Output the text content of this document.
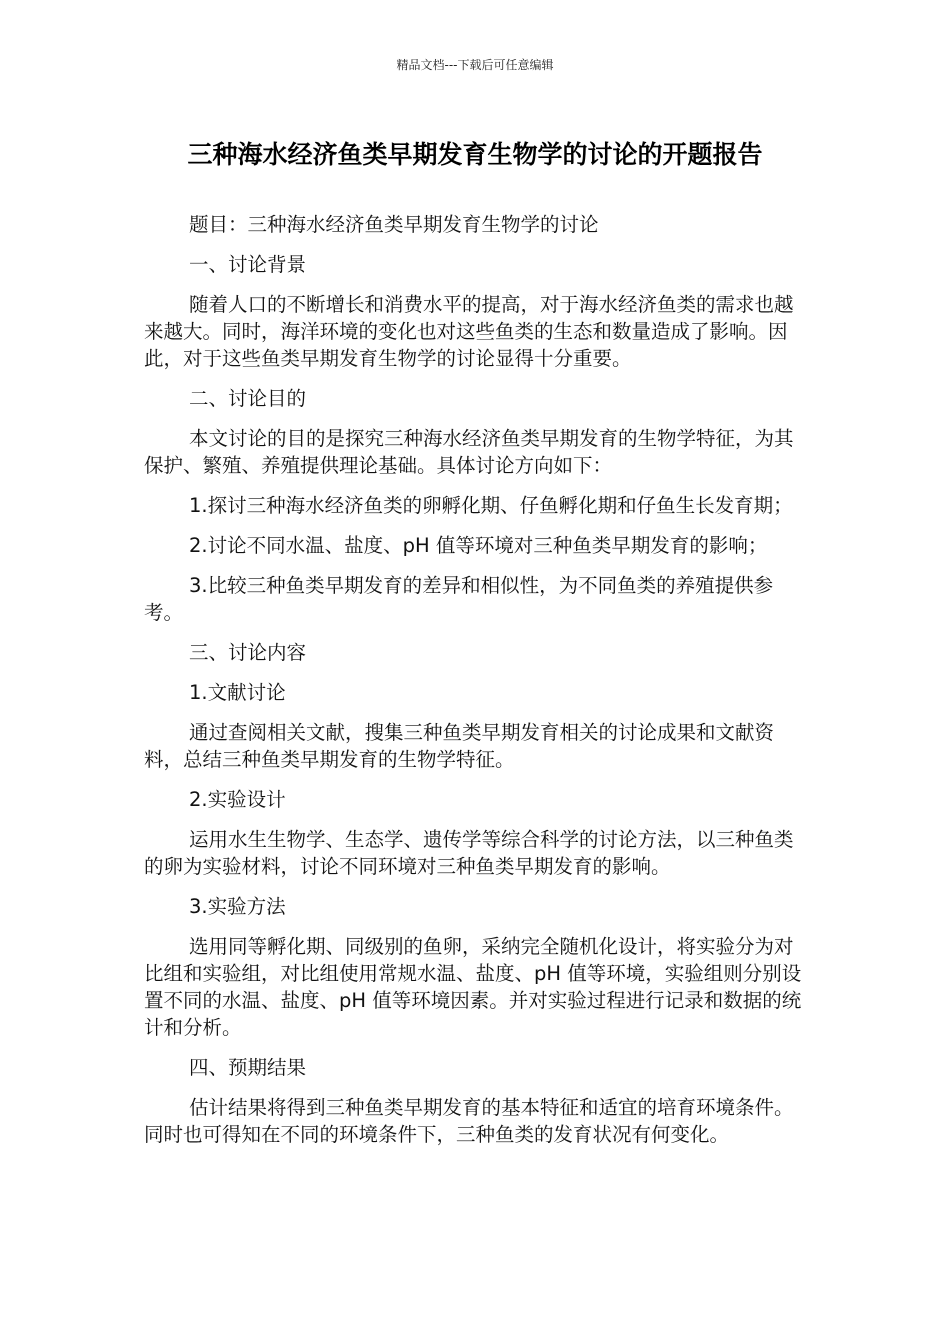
精品文档---下载后可任意编辑
三种海水经济鱼类早期发育生物学的讨论的开题报告

题目：三种海水经济鱼类早期发育生物学的讨论

一、讨论背景

随着人口的不断增长和消费水平的提高，对于海水经济鱼类的需求也越来越大。同时，海洋环境的变化也对这些鱼类的生态和数量造成了影响。因此，对于这些鱼类早期发育生物学的讨论显得十分重要。

二、讨论目的

本文讨论的目的是探究三种海水经济鱼类早期发育的生物学特征，为其保护、繁殖、养殖提供理论基础。具体讨论方向如下：

1.探讨三种海水经济鱼类的卵孵化期、仔鱼孵化期和仔鱼生长发育期；

2.讨论不同水温、盐度、pH 值等环境对三种鱼类早期发育的影响；

3.比较三种鱼类早期发育的差异和相似性，为不同鱼类的养殖提供参考。

三、讨论内容

1.文献讨论

通过查阅相关文献，搜集三种鱼类早期发育相关的讨论成果和文献资料，总结三种鱼类早期发育的生物学特征。

2.实验设计

运用水生生物学、生态学、遗传学等综合科学的讨论方法，以三种鱼类的卵为实验材料，讨论不同环境对三种鱼类早期发育的影响。

3.实验方法

选用同等孵化期、同级别的鱼卵，采纳完全随机化设计，将实验分为对比组和实验组，对比组使用常规水温、盐度、pH 值等环境，实验组则分别设置不同的水温、盐度、pH 值等环境因素。并对实验过程进行记录和数据的统计和分析。

四、预期结果

估计结果将得到三种鱼类早期发育的基本特征和适宜的培育环境条件。同时也可得知在不同的环境条件下，三种鱼类的发育状况有何变化。
